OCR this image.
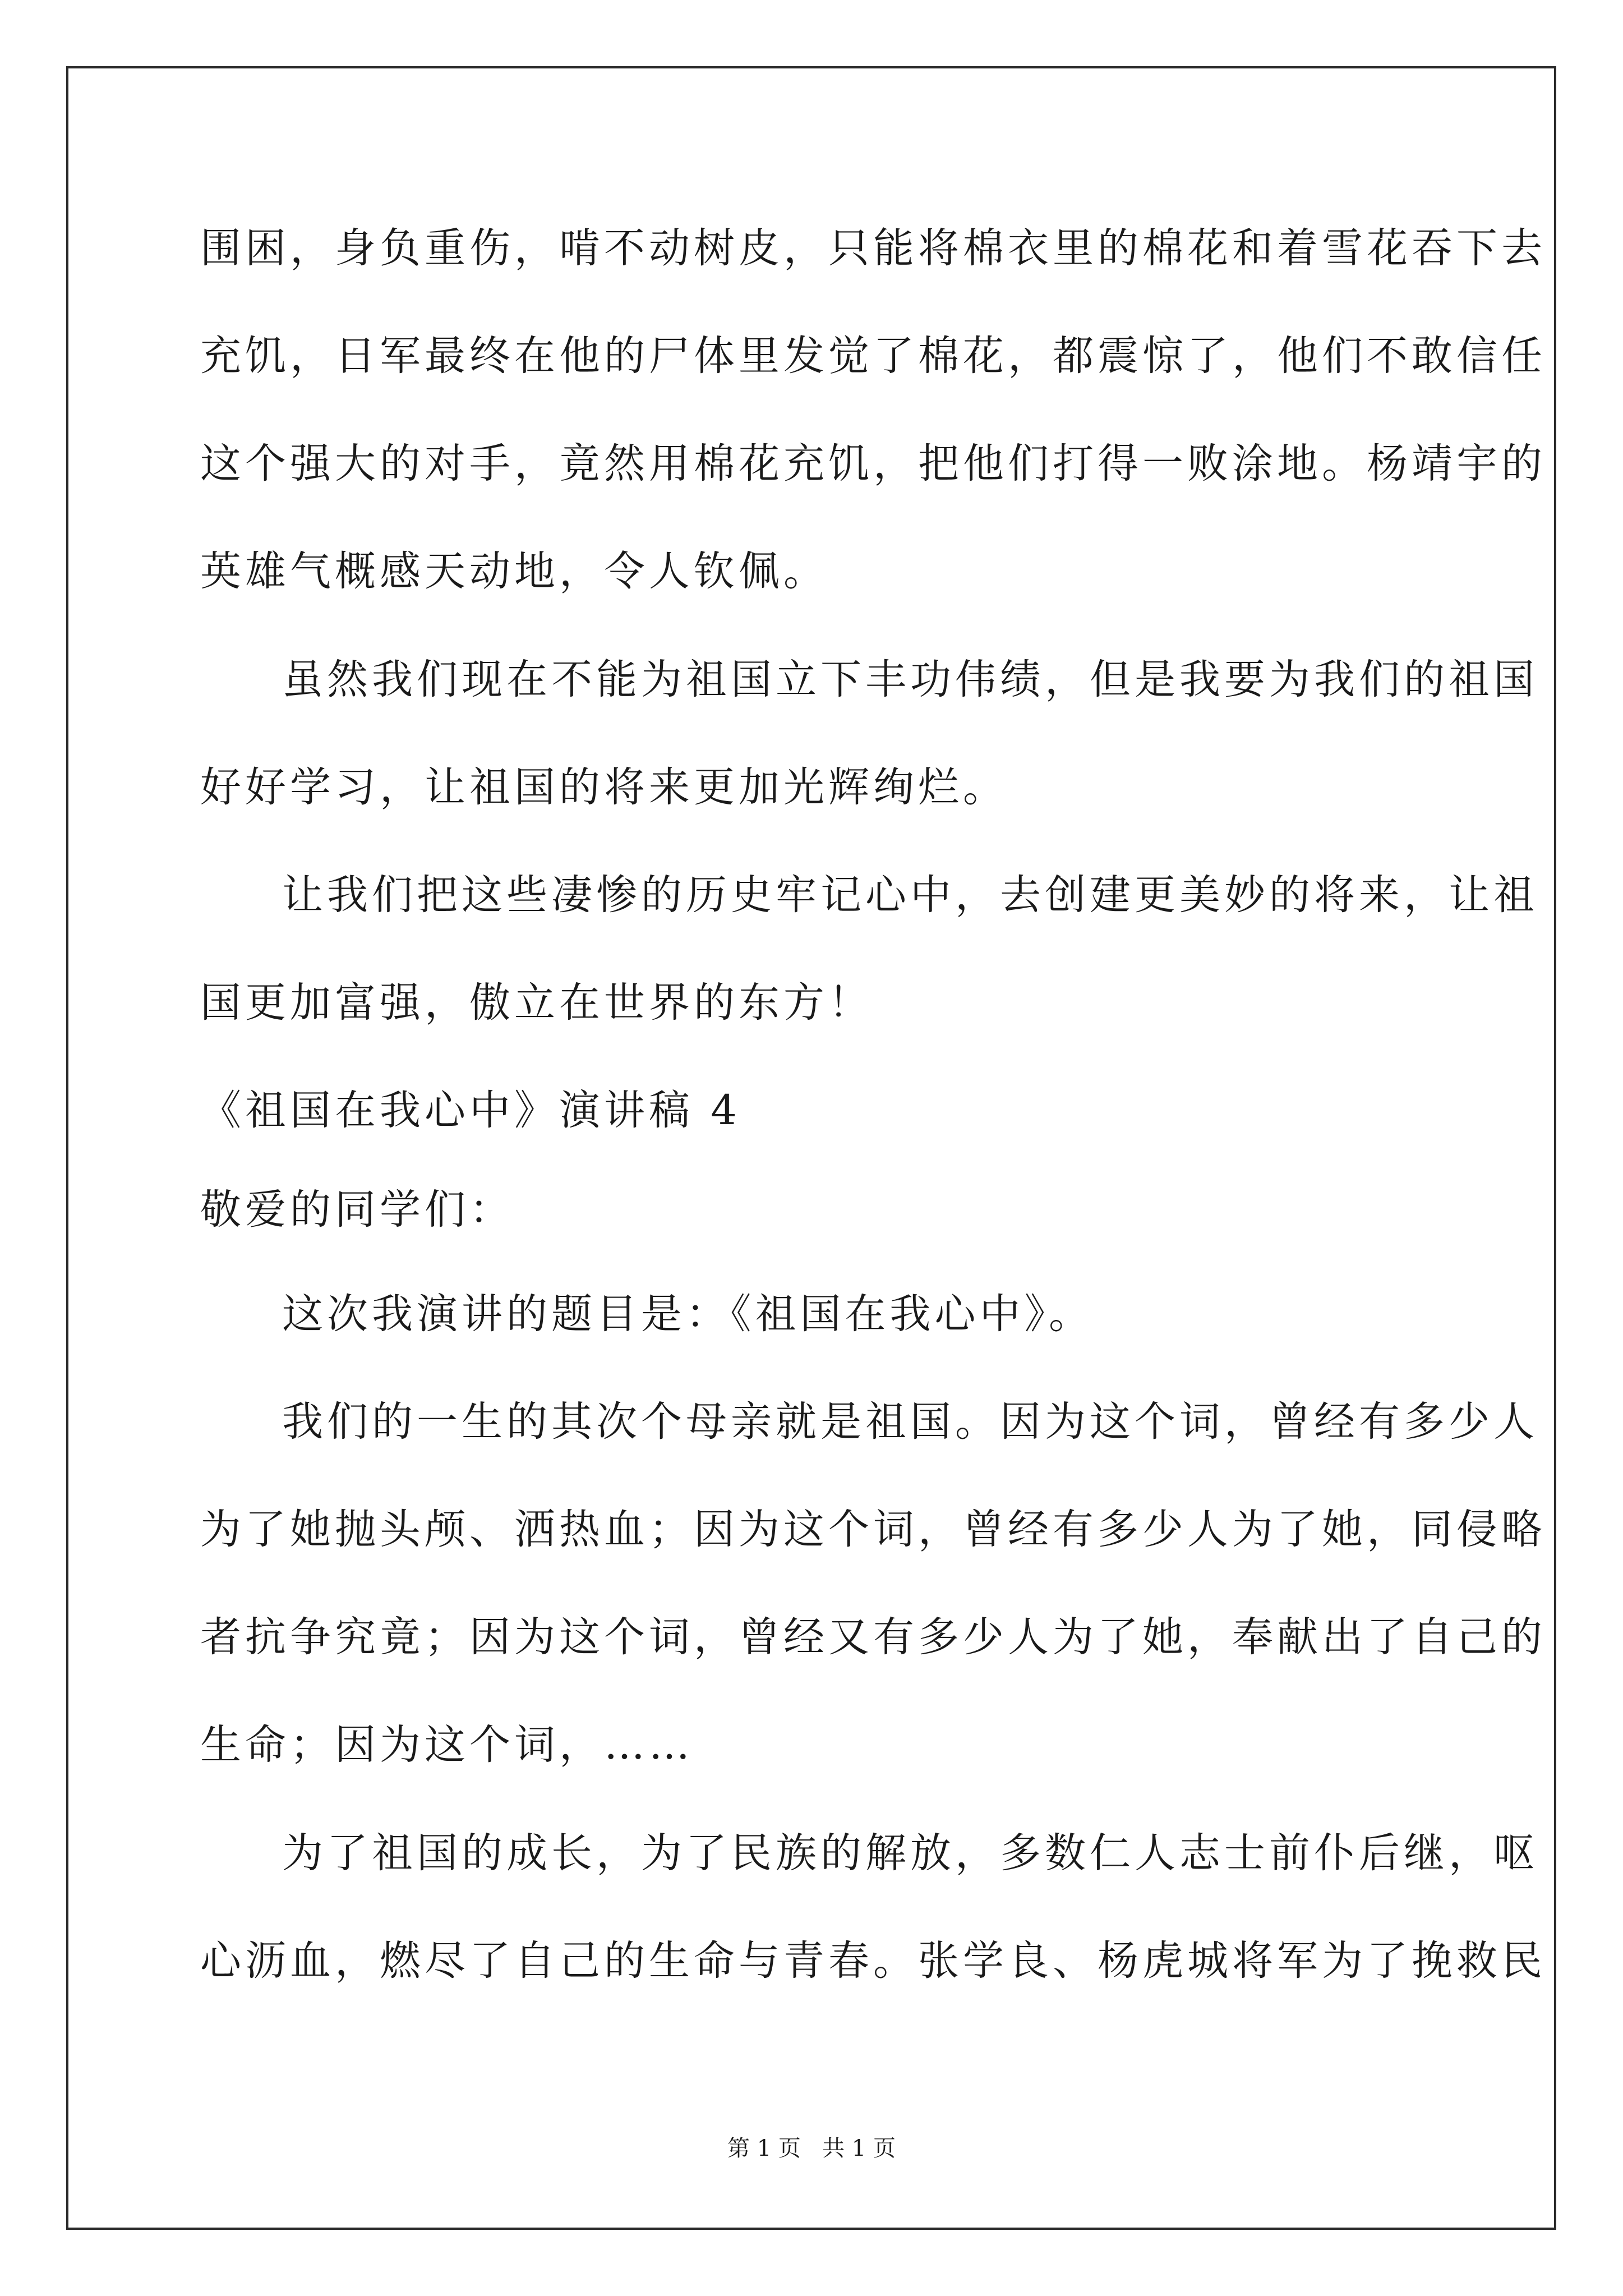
围困，身负重伤，啃不动树皮，只能将棉衣里的棉花和着雪花吞下去
充饥，日军最终在他的尸体里发觉了棉花，都震惊了，他们不敢信任
这个强大的对手，竟然用棉花充饥，把他们打得一败涂地。杨靖宇的
英雄气概感天动地，令人钦佩。
虽然我们现在不能为祖国立下丰功伟绩，但是我要为我们的祖国
好好学习，让祖国的将来更加光辉绚烂。
让我们把这些凄惨的历史牢记心中，去创建更美妙的将来，让祖
国更加富强，傲立在世界的东方！
《祖国在我心中》演讲稿 4
敬爱的同学们：
这次我演讲的题目是：《祖国在我心中》。
我们的一生的其次个母亲就是祖国。因为这个词，曾经有多少人
为了她抛头颅、洒热血；因为这个词，曾经有多少人为了她，同侵略
者抗争究竟；因为这个词，曾经又有多少人为了她，奉献出了自己的
生命；因为这个词，……
为了祖国的成长，为了民族的解放，多数仁人志士前仆后继，呕
心沥血，燃尽了自己的生命与青春。张学良、杨虎城将军为了挽救民
第 1 页   共 1 页
